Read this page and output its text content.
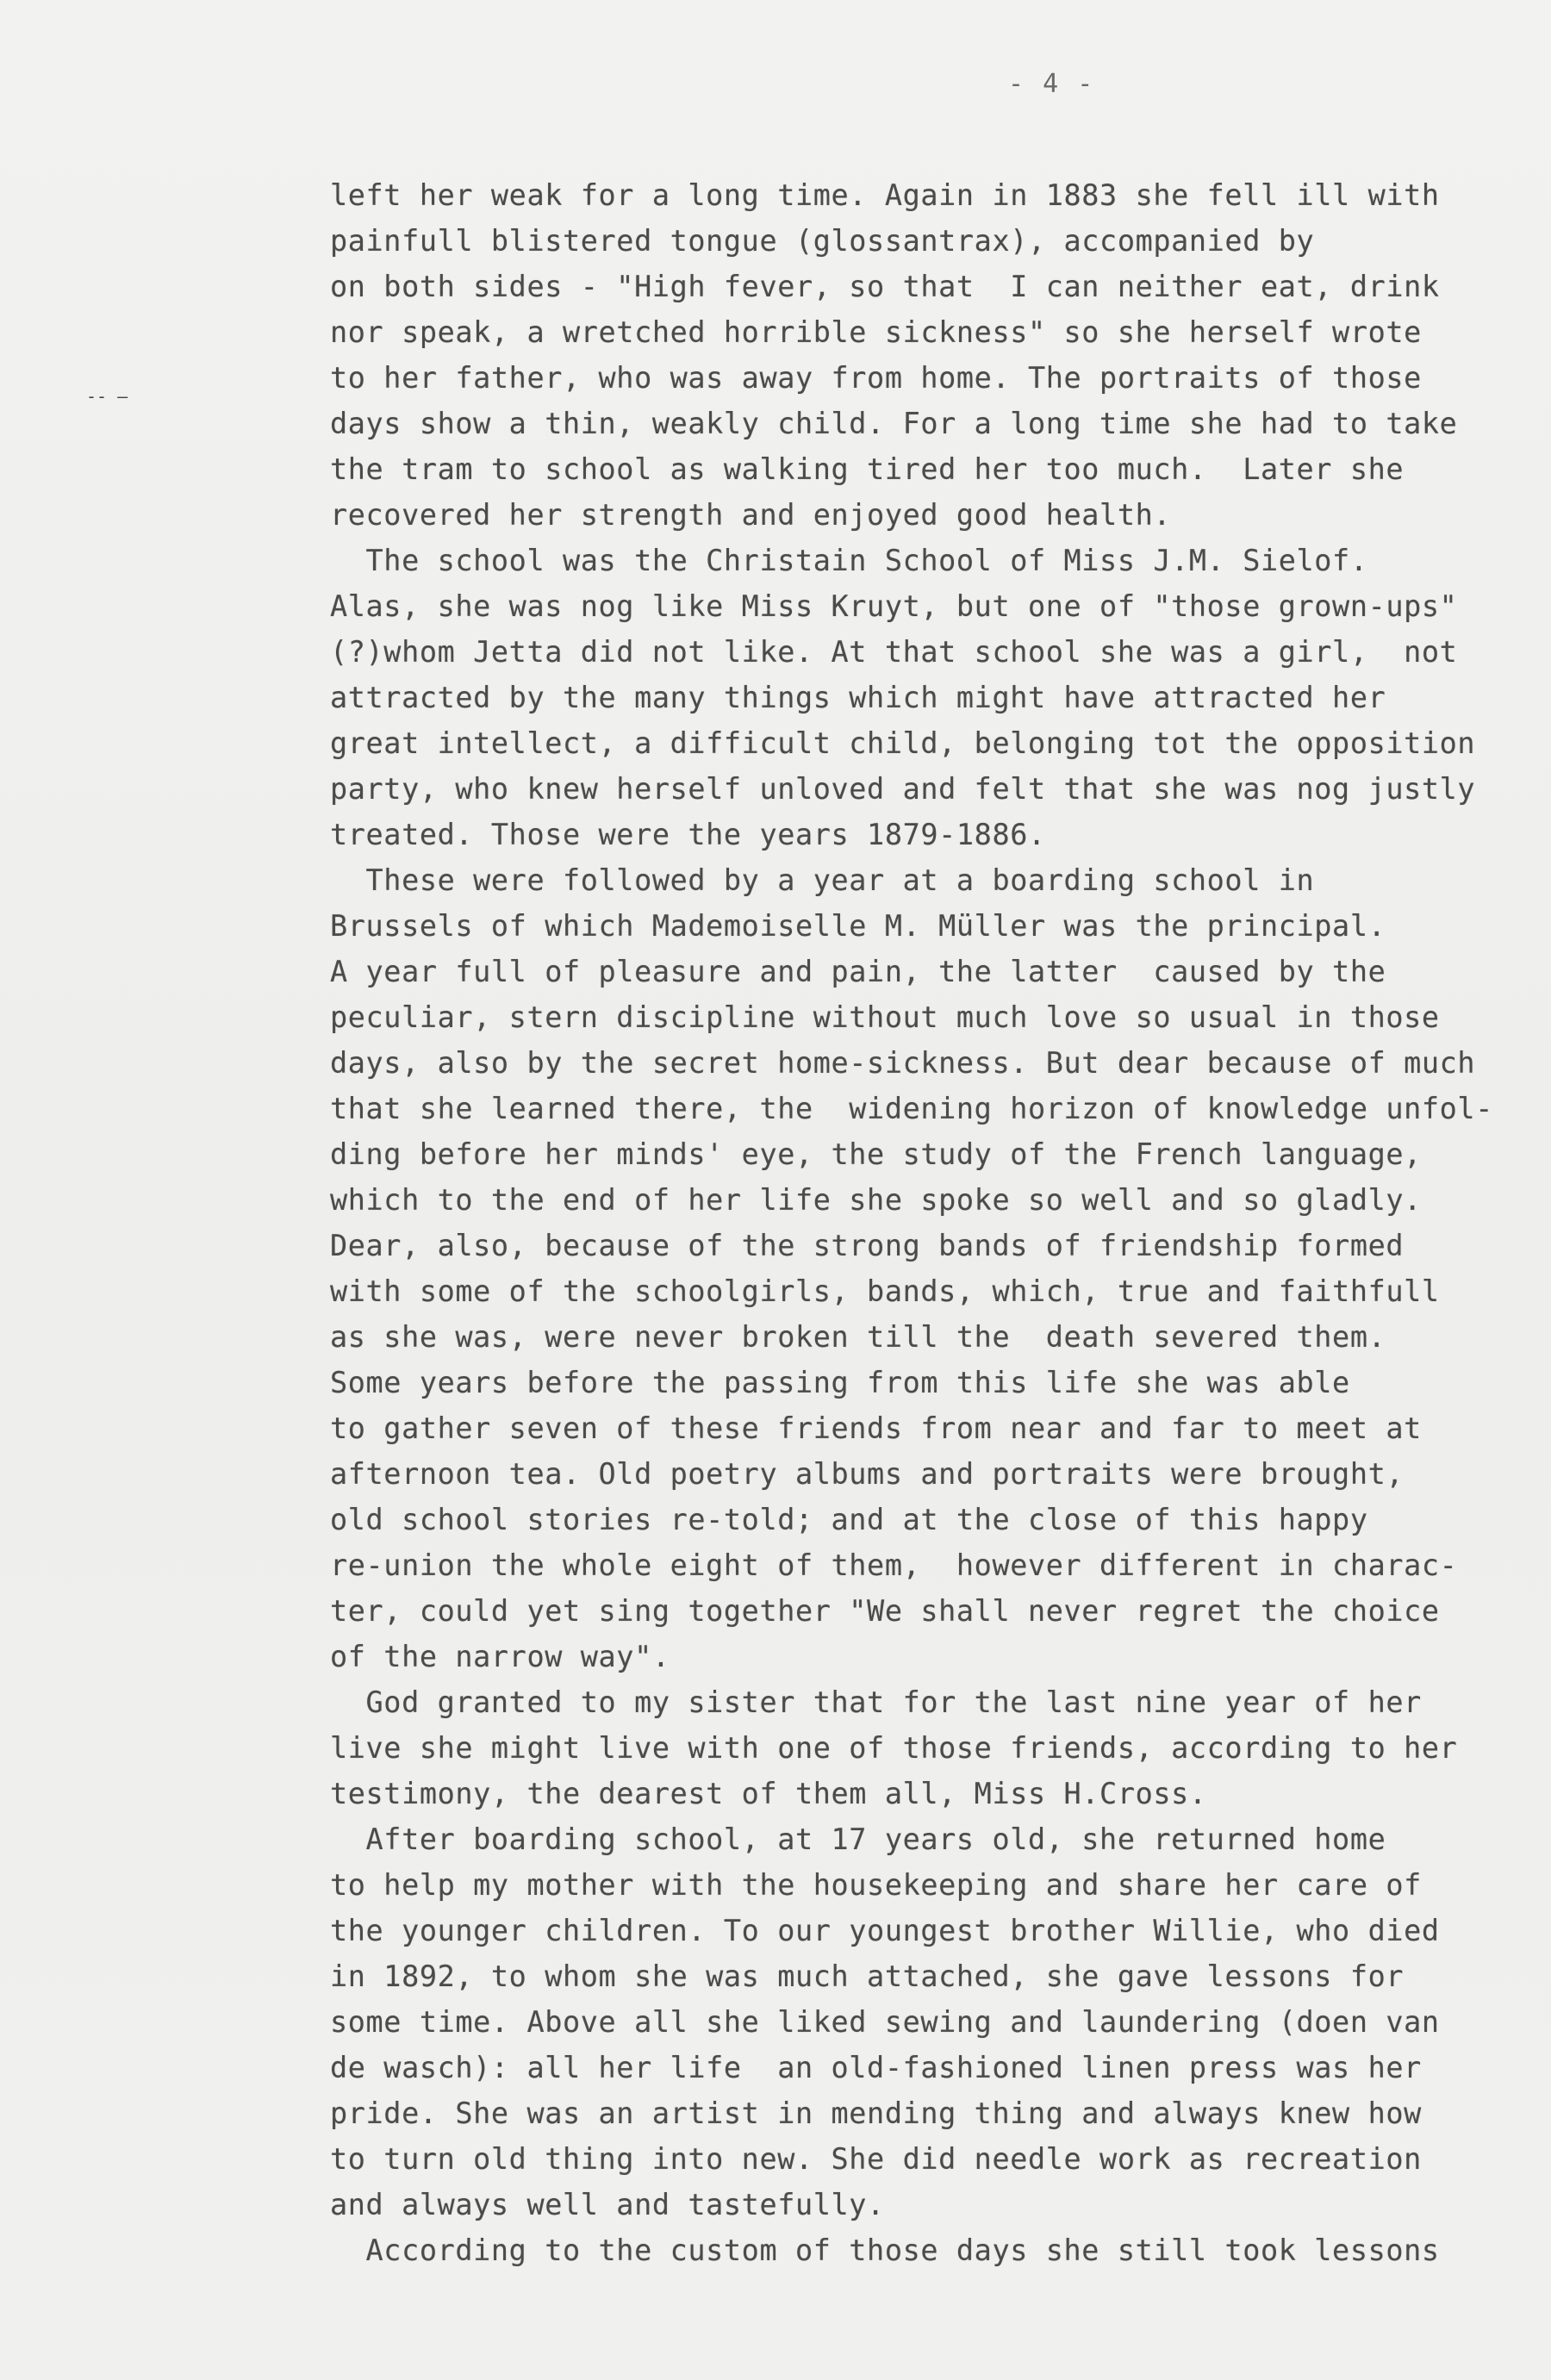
- 4 -
-- —
left her weak for a long time. Again in 1883 she fell ill with
painfull blistered tongue (glossantrax), accompanied by
on both sides - "High fever, so that  I can neither eat, drink
nor speak, a wretched horrible sickness" so she herself wrote
to her father, who was away from home. The portraits of those
days show a thin, weakly child. For a long time she had to take
the tram to school as walking tired her too much.  Later she
recovered her strength and enjoyed good health.
The school was the Christain School of Miss J.M. Sielof.
Alas, she was nog like Miss Kruyt, but one of "those grown-ups"
(?)whom Jetta did not like. At that school she was a girl,  not
attracted by the many things which might have attracted her
great intellect, a difficult child, belonging tot the opposition
party, who knew herself unloved and felt that she was nog justly
treated. Those were the years 1879-1886.
These were followed by a year at a boarding school in
Brussels of which Mademoiselle M. Müller was the principal.
A year full of pleasure and pain, the latter  caused by the
peculiar, stern discipline without much love so usual in those
days, also by the secret home-sickness. But dear because of much
that she learned there, the  widening horizon of knowledge unfol-
ding before her minds' eye, the study of the French language,
which to the end of her life she spoke so well and so gladly.
Dear, also, because of the strong bands of friendship formed
with some of the schoolgirls, bands, which, true and faithfull
as she was, were never broken till the  death severed them.
Some years before the passing from this life she was able
to gather seven of these friends from near and far to meet at
afternoon tea. Old poetry albums and portraits were brought,
old school stories re-told; and at the close of this happy
re-union the whole eight of them,  however different in charac-
ter, could yet sing together "We shall never regret the choice
of the narrow way".
God granted to my sister that for the last nine year of her
live she might live with one of those friends, according to her
testimony, the dearest of them all, Miss H.Cross.
After boarding school, at 17 years old, she returned home
to help my mother with the housekeeping and share her care of
the younger children. To our youngest brother Willie, who died
in 1892, to whom she was much attached, she gave lessons for
some time. Above all she liked sewing and laundering (doen van
de wasch): all her life  an old-fashioned linen press was her
pride. She was an artist in mending thing and always knew how
to turn old thing into new. She did needle work as recreation
and always well and tastefully.
According to the custom of those days she still took lessons
